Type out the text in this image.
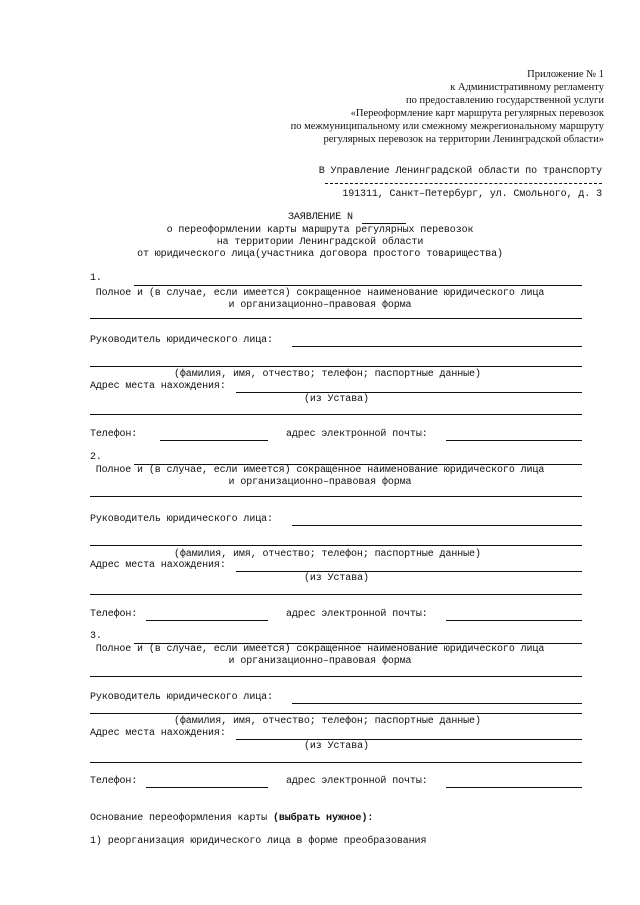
Приложение № 1
к Административному регламенту
по предоставлению государственной услуги
«Переоформление карт маршрута регулярных перевозок
по межмуниципальному или смежному межрегиональному маршруту
регулярных перевозок на территории Ленинградской области»
В Управление Ленинградской области по транспорту
191311, Санкт–Петербург, ул. Смольного, д. 3
ЗАЯВЛЕНИЕ N
о переоформлении карты маршрута регулярных перевозок
на территории Ленинградской области
от юридического лица(участника договора простого товарищества)
1.
Полное и (в случае, если имеется) сокращенное наименование юридического лица
и организационно–правовая форма
Руководитель юридического лица:
(фамилия, имя, отчество; телефон; паспортные данные)
Адрес места нахождения:
(из Устава)
Телефон:	адрес электронной почты:
2.
Полное и (в случае, если имеется) сокращенное наименование юридического лица
и организационно–правовая форма
Руководитель юридического лица:
(фамилия, имя, отчество; телефон; паспортные данные)
Адрес места нахождения:
(из Устава)
Телефон:	адрес электронной почты:
3.
Полное и (в случае, если имеется) сокращенное наименование юридического лица
и организационно–правовая форма
Руководитель юридического лица:
(фамилия, имя, отчество; телефон; паспортные данные)
Адрес места нахождения:
(из Устава)
Телефон:	адрес электронной почты:
Основание переоформления карты (выбрать нужное):
1) реорганизация юридического лица в форме преобразования
